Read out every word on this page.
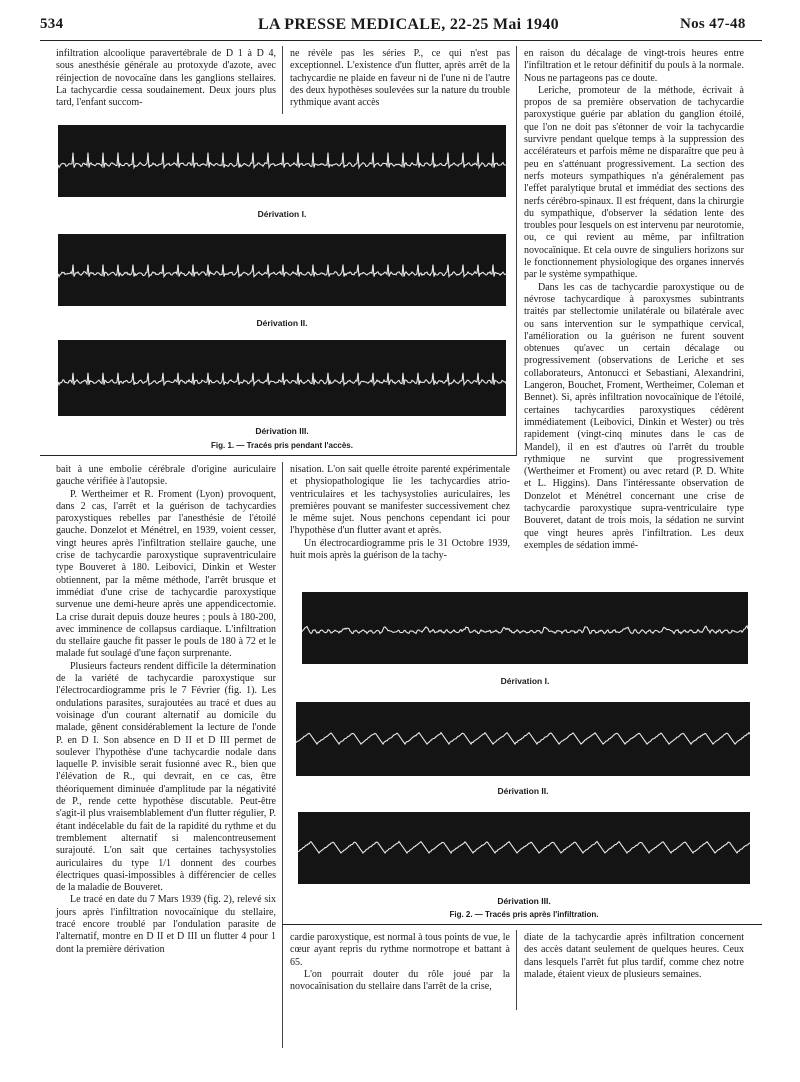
534	LA PRESSE MEDICALE, 22-25 Mai 1940	Nos 47-48

infiltration alcoolique paravertébrale de D 1 à D 4, sous anesthésie générale au protoxyde d'azote, avec réinjection de novocaïne dans les ganglions stellaires. La tachycardie cessa soudainement. Deux jours plus tard, l'enfant succom-

ne révèle pas les séries P., ce qui n'est pas exceptionnel. L'existence d'un flutter, après arrêt de la tachycardie ne plaide en faveur ni de l'une ni de l'autre des deux hypothèses soulevées sur la nature du trouble rythmique avant accès

Dérivation I.
Dérivation II.
Dérivation III.
Fig. 1. — Tracés pris pendant l'accès.

en raison du décalage de vingt-trois heures entre l'infiltration et le retour définitif du pouls à la normale. Nous ne partageons pas ce doute.

Leriche, promoteur de la méthode, écrivait à propos de sa première observation de tachycardie paroxystique guérie par ablation du ganglion étoilé, que l'on ne doit pas s'étonner de voir la tachycardie survivre pendant quelque temps à la suppression des accélérateurs et parfois même ne disparaître que peu à peu en s'atténuant progressivement. La section des nerfs moteurs sympathiques n'a généralement pas l'effet paralytique brutal et immédiat des sections des nerfs cérébro-spinaux. Il est fréquent, dans la chirurgie du sympathique, d'observer la sédation lente des troubles pour lesquels on est intervenu par neurotomie, ou, ce qui revient au même, par infiltration novocaïnique. Et cela ouvre de singuliers horizons sur le fonctionnement physiologique des organes innervés par le système sympathique.

Dans les cas de tachycardie paroxystique ou de névrose tachycardique à paroxysmes subintrants traités par stellectomie unilatérale ou bilatérale avec ou sans intervention sur le sympathique cervical, l'amélioration ou la guérison ne furent souvent obtenues qu'avec un certain décalage ou progressivement (observations de Leriche et ses collaborateurs, Antonucci et Sebastiani, Alexandrini, Langeron, Bouchet, Froment, Wertheimer, Coleman et Bennet). Si, après infiltration novocaïnique de l'étoilé, certaines tachycardies paroxystiques cédèrent immédiatement (Leibovici, Dinkin et Wester) ou très rapidement (vingt-cinq minutes dans le cas de Mandel), il en est d'autres où l'arrêt du trouble rythmique ne survint que progressivement (Wertheimer et Froment) ou avec retard (P. D. White et L. Higgins). Dans l'intéressante observation de Donzelot et Ménétrel concernant une crise de tachycardie paroxystique supra-ventriculaire type Bouveret, datant de trois mois, la sédation ne survint que vingt heures après l'infiltration. Les deux exemples de sédation immé-

bait à une embolie cérébrale d'origine auriculaire gauche vérifiée à l'autopsie.

P. Wertheimer et R. Froment (Lyon) provoquent, dans 2 cas, l'arrêt et la guérison de tachycardies paroxystiques rebelles par l'anesthésie de l'étoilé gauche. Donzelot et Ménétrel, en 1939, voient cesser, vingt heures après l'infiltration stellaire gauche, une crise de tachycardie paroxystique supraventriculaire type Bouveret à 180. Leibovici, Dinkin et Wester obtiennent, par la même méthode, l'arrêt brusque et immédiat d'une crise de tachycardie paroxystique survenue une demi-heure après une appendicectomie. La crise durait depuis douze heures ; pouls à 180-200, avec imminence de collapsus cardiaque. L'infiltration du stellaire gauche fit passer le pouls de 180 à 72 et le malade fut soulagé d'une façon surprenante.

Plusieurs facteurs rendent difficile la détermination de la variété de tachycardie paroxystique sur l'électrocardiogramme pris le 7 Février (fig. 1). Les ondulations parasites, surajoutées au tracé et dues au voisinage d'un courant alternatif au domicile du malade, gênent considérablement la lecture de l'onde P. en D I. Son absence en D II et D III permet de soulever l'hypothèse d'une tachycardie nodale dans laquelle P. invisible serait fusionné avec R., bien que l'élévation de R., qui devrait, en ce cas, être théoriquement diminuée d'amplitude par la négativité de P., rende cette hypothèse discutable. Peut-être s'agit-il plus vraisemblablement d'un flutter régulier, P. étant indécelable du fait de la rapidité du rythme et du tremblement alternatif si malencontreusement surajouté. L'on sait que certaines tachysystolies auriculaires du type 1/1 donnent des courbes électriques quasi-impossibles à différencier de celles de la maladie de Bouveret.

Le tracé en date du 7 Mars 1939 (fig. 2), relevé six jours après l'infiltration novocaïnique du stellaire, tracé encore troublé par l'ondulation parasite de l'alternatif, montre en D II et D III un flutter 4 pour 1 dont la première dérivation

nisation. L'on sait quelle étroite parenté expérimentale et physiopathologique lie les tachycardies atrio-ventriculaires et les tachysystolies auriculaires, les premières pouvant se manifester successivement chez le même sujet. Nous penchons cependant ici pour l'hypothèse d'un flutter avant et après.

Un électrocardiogramme pris le 31 Octobre 1939, huit mois après la guérison de la tachy-

Dérivation I.
Dérivation II.
Dérivation III.
Fig. 2. — Tracés pris après l'infiltration.

cardie paroxystique, est normal à tous points de vue, le cœur ayant repris du rythme normotrope et battant à 65.

L'on pourrait douter du rôle joué par la novocaïnisation du stellaire dans l'arrêt de la crise,

diate de la tachycardie après infiltration concernent des accès datant seulement de quelques heures. Ceux dans lesquels l'arrêt fut plus tardif, comme chez notre malade, étaient vieux de plusieurs semaines.
